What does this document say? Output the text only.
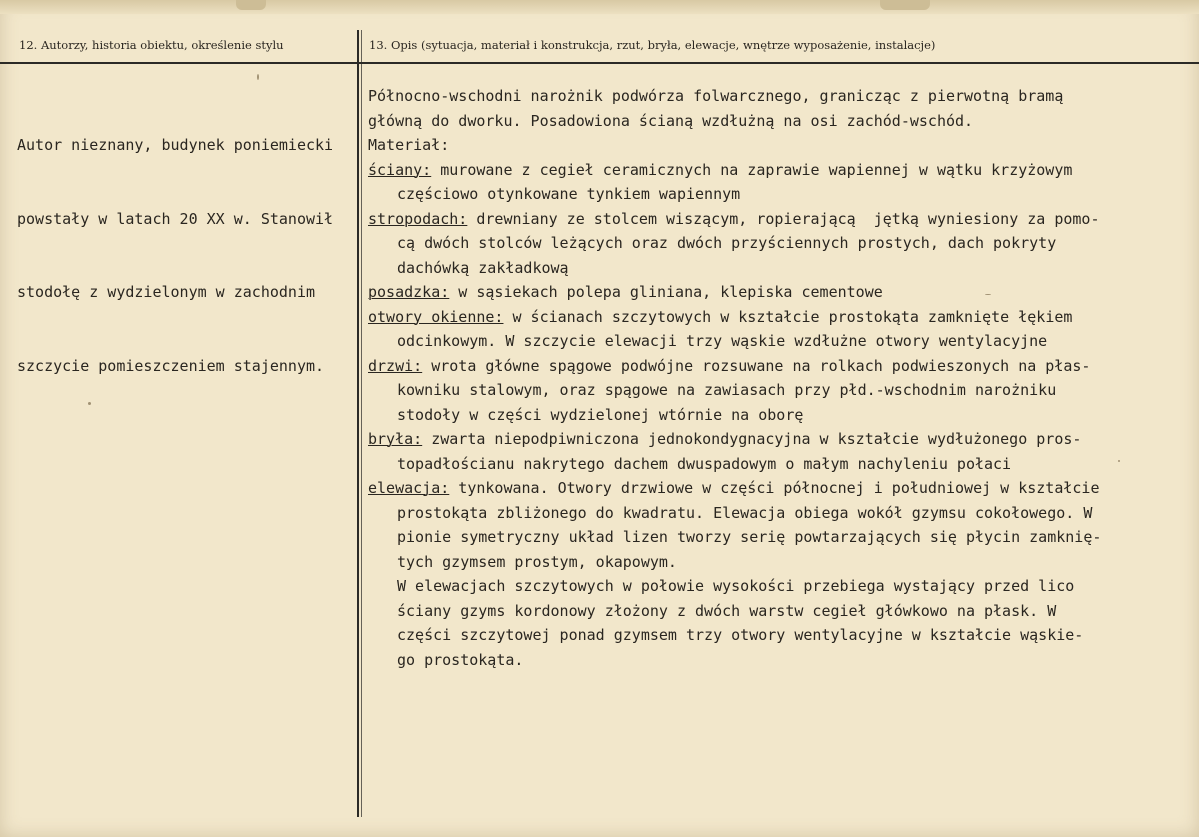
12. Autorzy, historia obiektu, określenie stylu	13. Opis (sytuacja, materiał i konstrukcja, rzut, bryła, elewacje, wnętrze wyposażenie, instalacje)

Autor nieznany, budynek poniemiecki

powstały w latach 20 XX w. Stanowił

stodołę z wydzielonym w zachodnim

szczycie pomieszczeniem stajennym.

Północno-wschodni narożnik podwórza folwarcznego, granicząc z pierwotną bramą
główną do dworku. Posadowiona ścianą wzdłużną na osi zachód-wschód.
Materiał:
ściany: murowane z cegieł ceramicznych na zaprawie wapiennej w wątku krzyżowym
częściowo otynkowane tynkiem wapiennym
stropodach: drewniany ze stolcem wiszącym, ropierającą  jętką wyniesiony za pomo-
cą dwóch stolców leżących oraz dwóch przyściennych prostych, dach pokryty
dachówką zakładkową
posadzka: w sąsiekach polepa gliniana, klepiska cementowe
otwory okienne: w ścianach szczytowych w kształcie prostokąta zamknięte łękiem
odcinkowym. W szczycie elewacji trzy wąskie wzdłużne otwory wentylacyjne
drzwi: wrota główne spągowe podwójne rozsuwane na rolkach podwieszonych na płas-
kowniku stalowym, oraz spągowe na zawiasach przy płd.-wschodnim narożniku
stodoły w części wydzielonej wtórnie na oborę
bryła: zwarta niepodpiwniczona jednokondygnacyjna w kształcie wydłużonego pros-
topadłościanu nakrytego dachem dwuspadowym o małym nachyleniu połaci
elewacja: tynkowana. Otwory drzwiowe w części północnej i południowej w kształcie
prostokąta zbliżonego do kwadratu. Elewacja obiega wokół gzymsu cokołowego. W
pionie symetryczny układ lizen tworzy serię powtarzających się płycin zamknię-
tych gzymsem prostym, okapowym.
W elewacjach szczytowych w połowie wysokości przebiega wystający przed lico
ściany gzyms kordonowy złożony z dwóch warstw cegieł główkowo na płask. W
części szczytowej ponad gzymsem trzy otwory wentylacyjne w kształcie wąskie-
go prostokąta.
